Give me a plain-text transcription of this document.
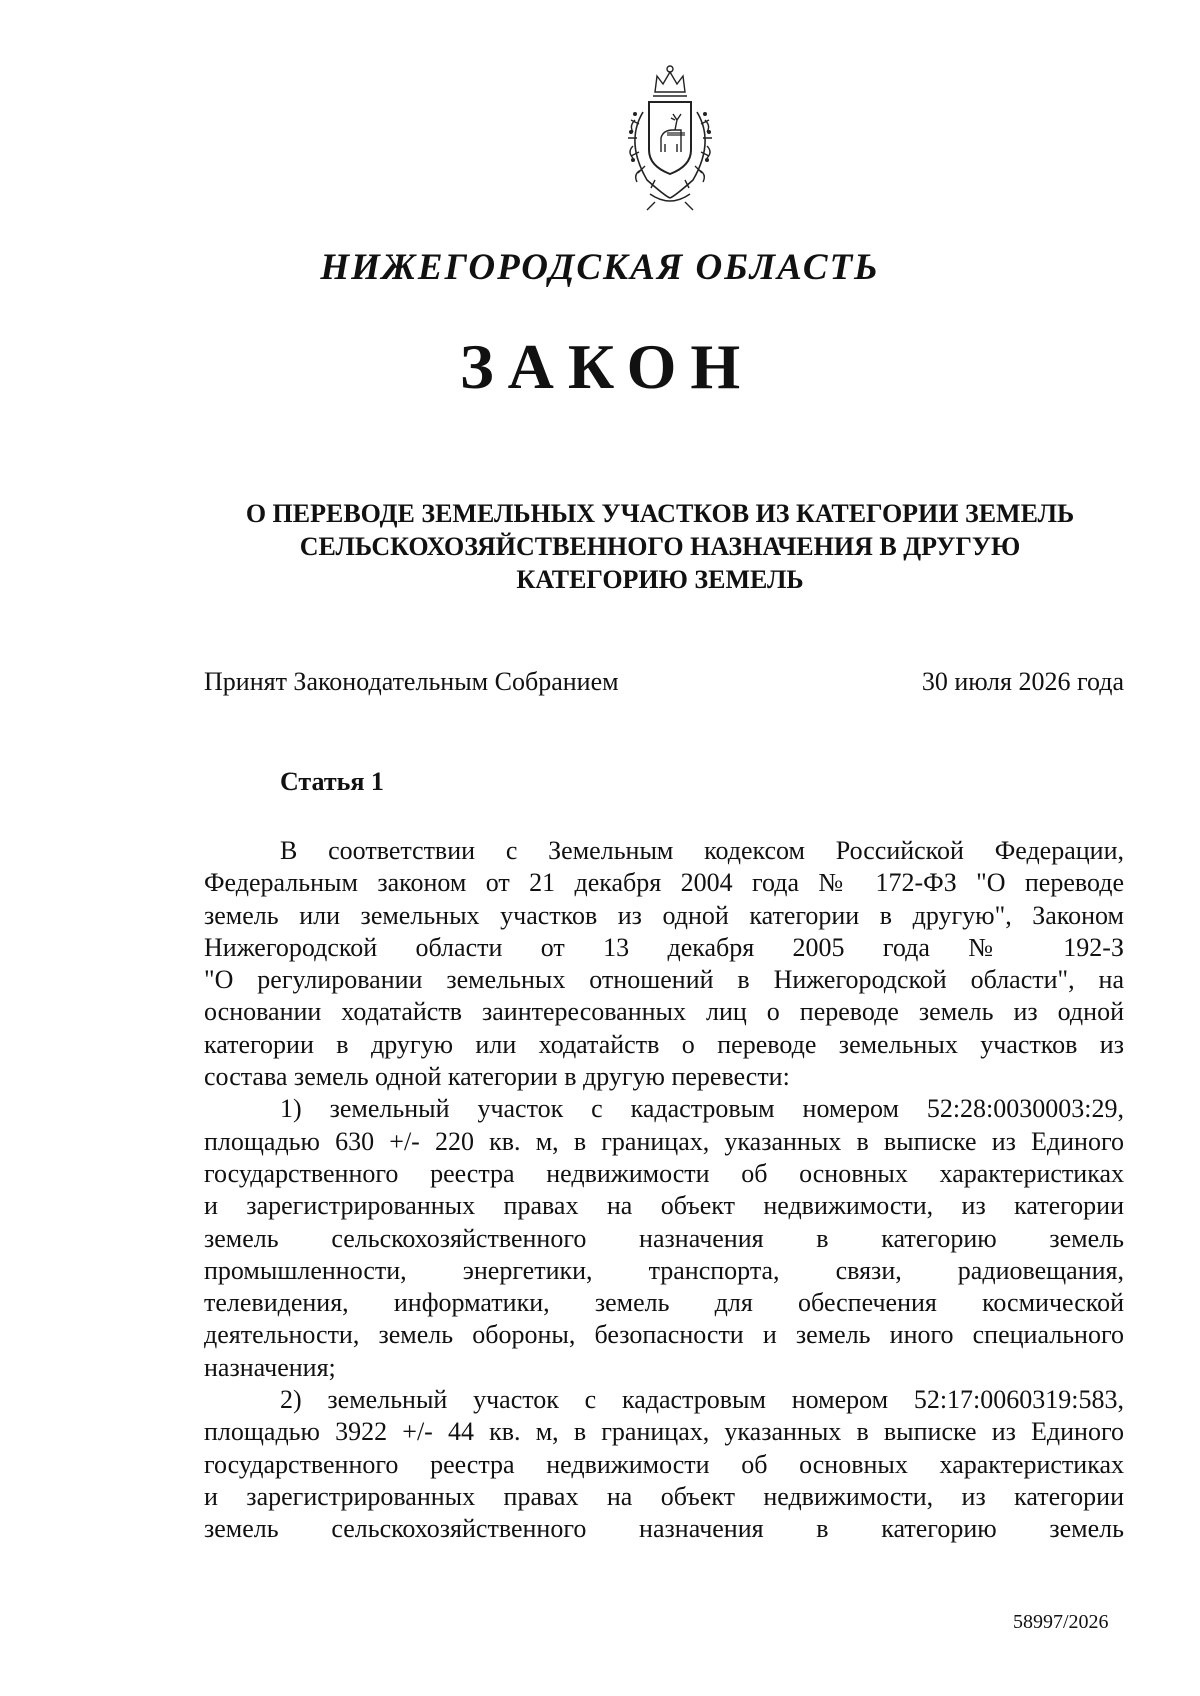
НИЖЕГОРОДСКАЯ ОБЛАСТЬ
ЗАКОН
О ПЕРЕВОДЕ ЗЕМЕЛЬНЫХ УЧАСТКОВ ИЗ КАТЕГОРИИ ЗЕМЕЛЬ
СЕЛЬСКОХОЗЯЙСТВЕННОГО НАЗНАЧЕНИЯ В ДРУГУЮ
КАТЕГОРИЮ ЗЕМЕЛЬ
Принят Законодательным Собранием	30 июля 2026 года
Статья 1
В соответствии с Земельным кодексом Российской Федерации,
Федеральным законом от 21 декабря 2004 года № 172-ФЗ "О переводе
земель или земельных участков из одной категории в другую", Законом
Нижегородской области от 13 декабря 2005 года № 192-З
"О регулировании земельных отношений в Нижегородской области", на
основании ходатайств заинтересованных лиц о переводе земель из одной
категории в другую или ходатайств о переводе земельных участков из
состава земель одной категории в другую перевести:
1) земельный участок с кадастровым номером 52:28:0030003:29,
площадью 630 +/- 220 кв. м, в границах, указанных в выписке из Единого
государственного реестра недвижимости об основных характеристиках
и зарегистрированных правах на объект недвижимости, из категории
земель сельскохозяйственного назначения в категорию земель
промышленности, энергетики, транспорта, связи, радиовещания,
телевидения, информатики, земель для обеспечения космической
деятельности, земель обороны, безопасности и земель иного специального
назначения;
2) земельный участок с кадастровым номером 52:17:0060319:583,
площадью 3922 +/- 44 кв. м, в границах, указанных в выписке из Единого
государственного реестра недвижимости об основных характеристиках
и зарегистрированных правах на объект недвижимости, из категории
земель сельскохозяйственного назначения в категорию земель
58997/2026
